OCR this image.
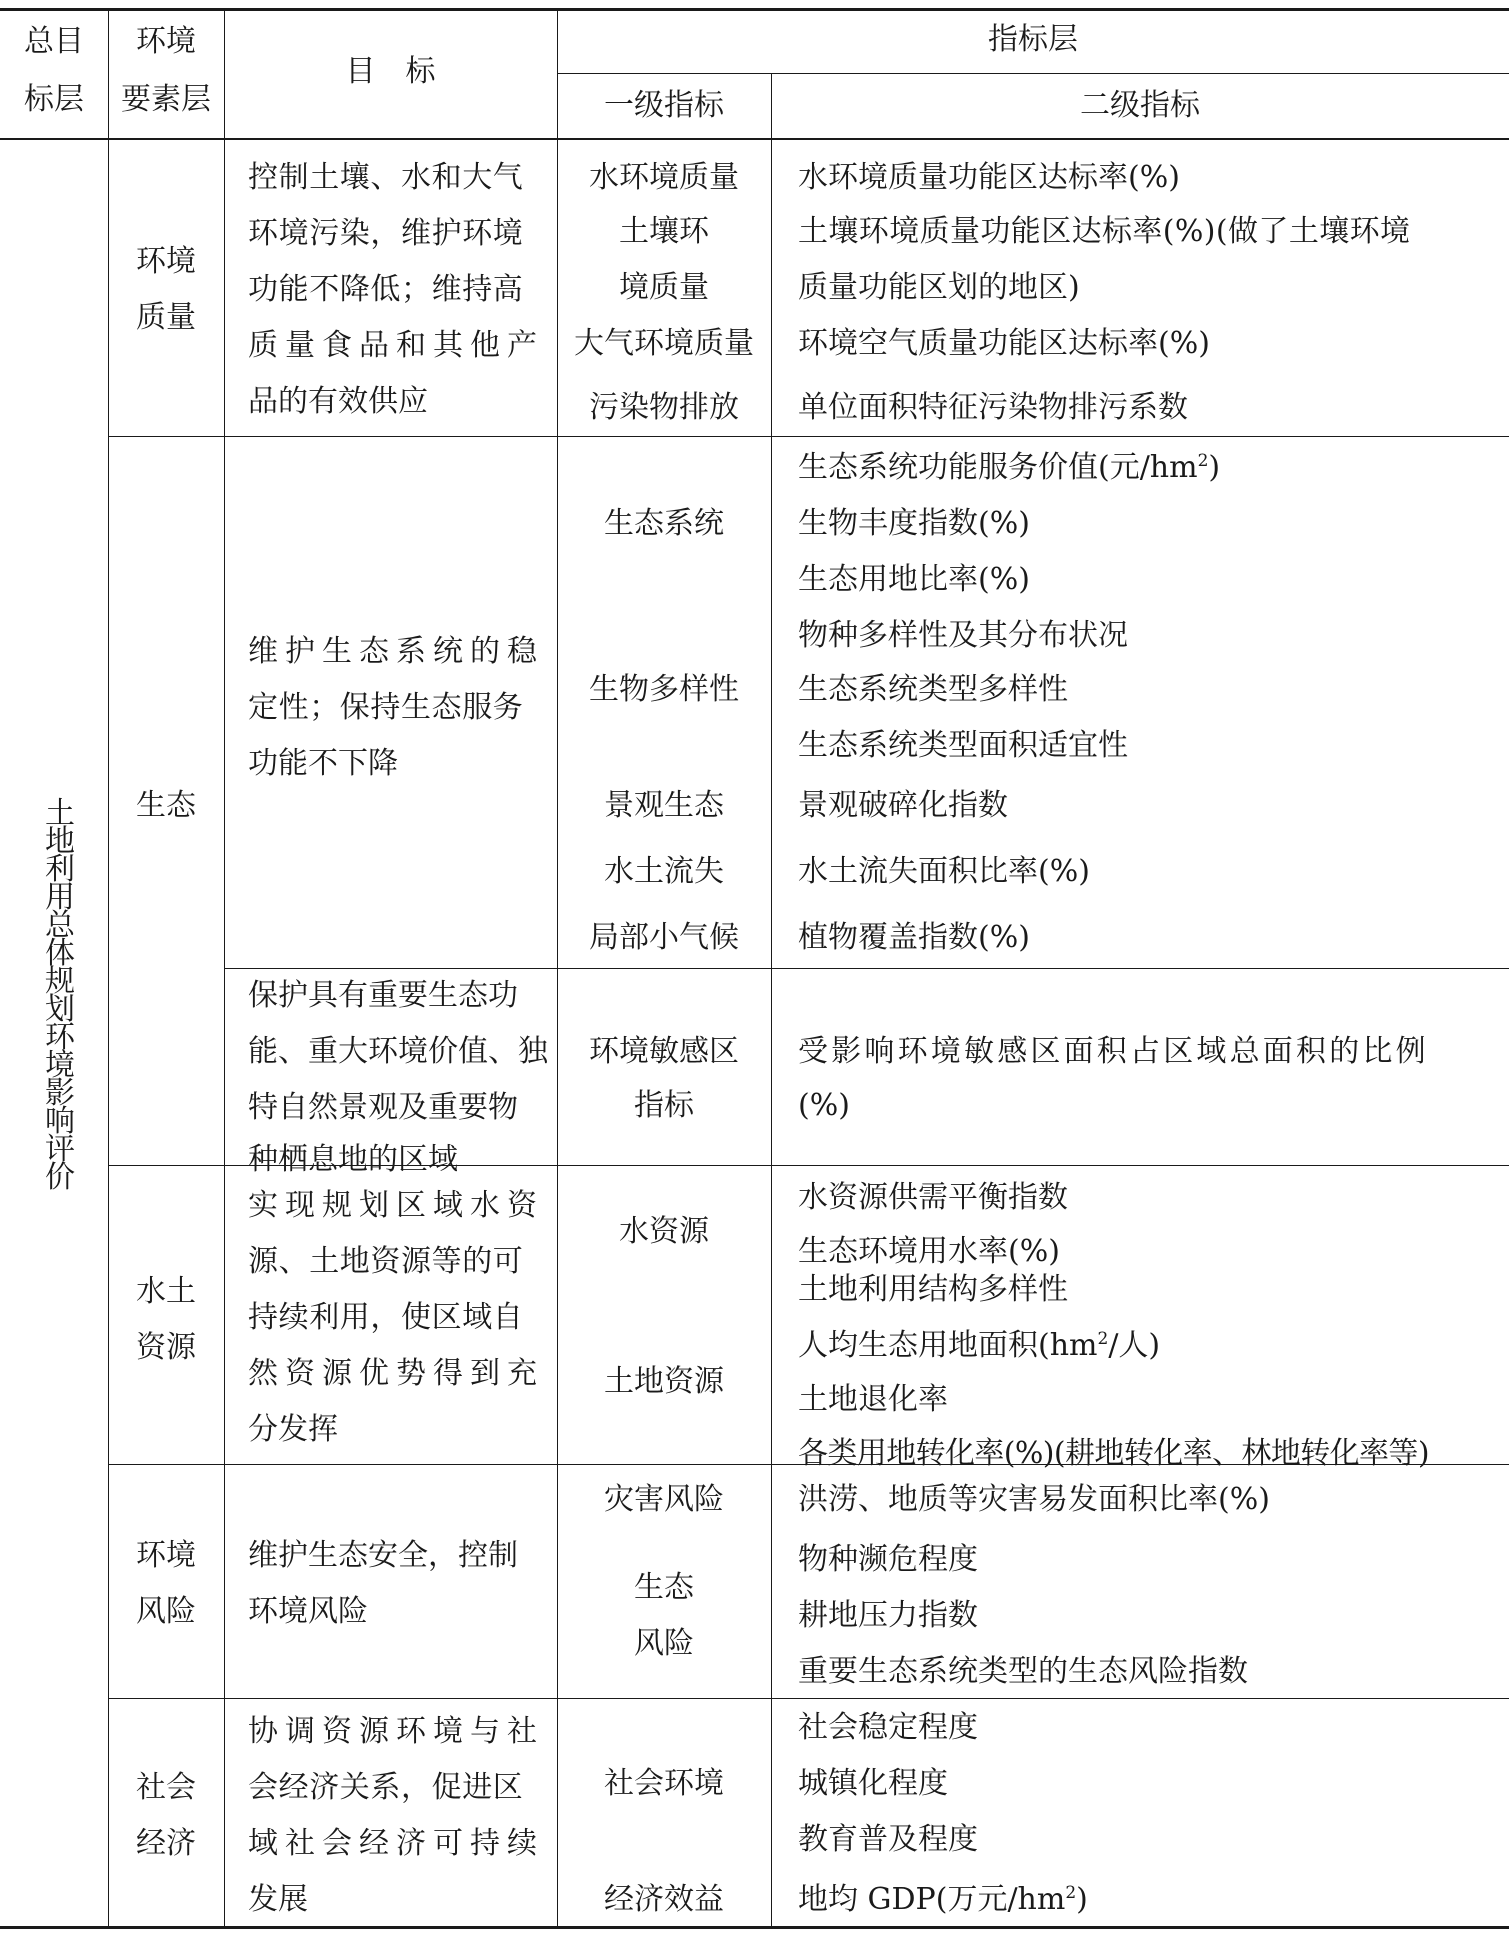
总目
标层
环境
要素层
目　标
指标层
一级指标	二级指标
土
地
利
用
总
体
规
划
环
境
影
响
评
价
环境
质量
控制土壤、水和大气
环境污染，维护环境
功能不降低；维持高
质量食品和其他产
品的有效供应
水环境质量
土壤环
境质量
大气环境质量
污染物排放
水环境质量功能区达标率(%)
土壤环境质量功能区达标率(%)(做了土壤环境
质量功能区划的地区)
环境空气质量功能区达标率(%)
单位面积特征污染物排污系数
生态
维护生态系统的稳
定性；保持生态服务
功能不下降
生态系统
生物多样性
景观生态
水土流失
局部小气候
生态系统功能服务价值(元$/hm^2$)
生物丰度指数(%)
生态用地比率(%)
物种多样性及其分布状况
生态系统类型多样性
生态系统类型面积适宜性
景观破碎化指数
水土流失面积比率(%)
植物覆盖指数(%)
保护具有重要生态功
能、重大环境价值、独
特自然景观及重要物
种栖息地的区域
环境敏感区
指标
受影响环境敏感区面积占区域总面积的比例
(%)
水土
资源
实现规划区域水资
源、土地资源等的可
持续利用，使区域自
然资源优势得到充
分发挥
水资源
土地资源
水资源供需平衡指数
生态环境用水率(%)
土地利用结构多样性
人均生态用地面积($hm^2/$人)
土地退化率
各类用地转化率(%)(耕地转化率、林地转化率等)
环境
风险
维护生态安全，控制
环境风险
灾害风险
生态
风险
洪涝、地质等灾害易发面积比率(%)
物种濒危程度
耕地压力指数
重要生态系统类型的生态风险指数
社会
经济
协调资源环境与社
会经济关系，促进区
域社会经济可持续
发展
社会环境
经济效益
社会稳定程度
城镇化程度
教育普及程度
地均 GDP(万元$/hm^2$)
